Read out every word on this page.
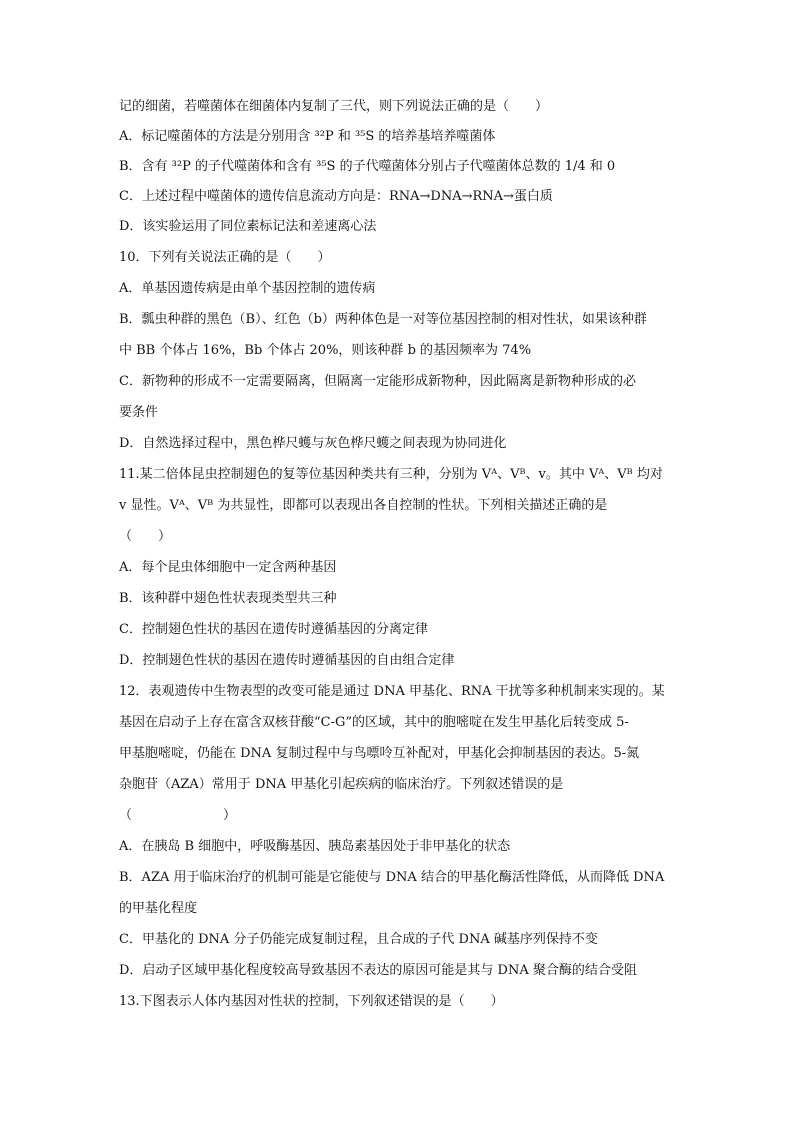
记的细菌，若噬菌体在细菌体内复制了三代，则下列说法正确的是（　　）
A．标记噬菌体的方法是分别用含 ³²P 和 ³⁵S 的培养基培养噬菌体
B．含有 ³²P 的子代噬菌体和含有 ³⁵S 的子代噬菌体分别占子代噬菌体总数的 1/4 和 0
C．上述过程中噬菌体的遗传信息流动方向是：RNA→DNA→RNA→蛋白质
D．该实验运用了同位素标记法和差速离心法
10．下列有关说法正确的是（　　）
A．单基因遗传病是由单个基因控制的遗传病
B．瓢虫种群的黑色（B）、红色（b）两种体色是一对等位基因控制的相对性状，如果该种群
中 BB 个体占 16%，Bb 个体占 20%，则该种群 b 的基因频率为 74%
C．新物种的形成不一定需要隔离，但隔离一定能形成新物种，因此隔离是新物种形成的必
要条件
D．自然选择过程中，黑色桦尺蠖与灰色桦尺蠖之间表现为协同进化
11.某二倍体昆虫控制翅色的复等位基因种类共有三种，分别为 Vᴬ、Vᴮ、v。其中 Vᴬ、Vᴮ 均对
v 显性。Vᴬ、Vᴮ 为共显性，即都可以表现出各自控制的性状。下列相关描述正确的是
（　　）
A．每个昆虫体细胞中一定含两种基因
B．该种群中翅色性状表现类型共三种
C．控制翅色性状的基因在遗传时遵循基因的分离定律
D．控制翅色性状的基因在遗传时遵循基因的自由组合定律
12．表观遗传中生物表型的改变可能是通过 DNA 甲基化、RNA 干扰等多种机制来实现的。某
基因在启动子上存在富含双核苷酸“C-G”的区域，其中的胞嘧啶在发生甲基化后转变成 5-
甲基胞嘧啶，仍能在 DNA 复制过程中与鸟嘌呤互补配对，甲基化会抑制基因的表达。5-氮
杂胞苷（AZA）常用于 DNA 甲基化引起疾病的临床治疗。下列叙述错误的是
（　　　　　　　）
A．在胰岛 B 细胞中，呼吸酶基因、胰岛素基因处于非甲基化的状态
B．AZA 用于临床治疗的机制可能是它能使与 DNA 结合的甲基化酶活性降低，从而降低 DNA
的甲基化程度
C．甲基化的 DNA 分子仍能完成复制过程，且合成的子代 DNA 碱基序列保持不变
D．启动子区域甲基化程度较高导致基因不表达的原因可能是其与 DNA 聚合酶的结合受阻
13.下图表示人体内基因对性状的控制，下列叙述错误的是（　　）
